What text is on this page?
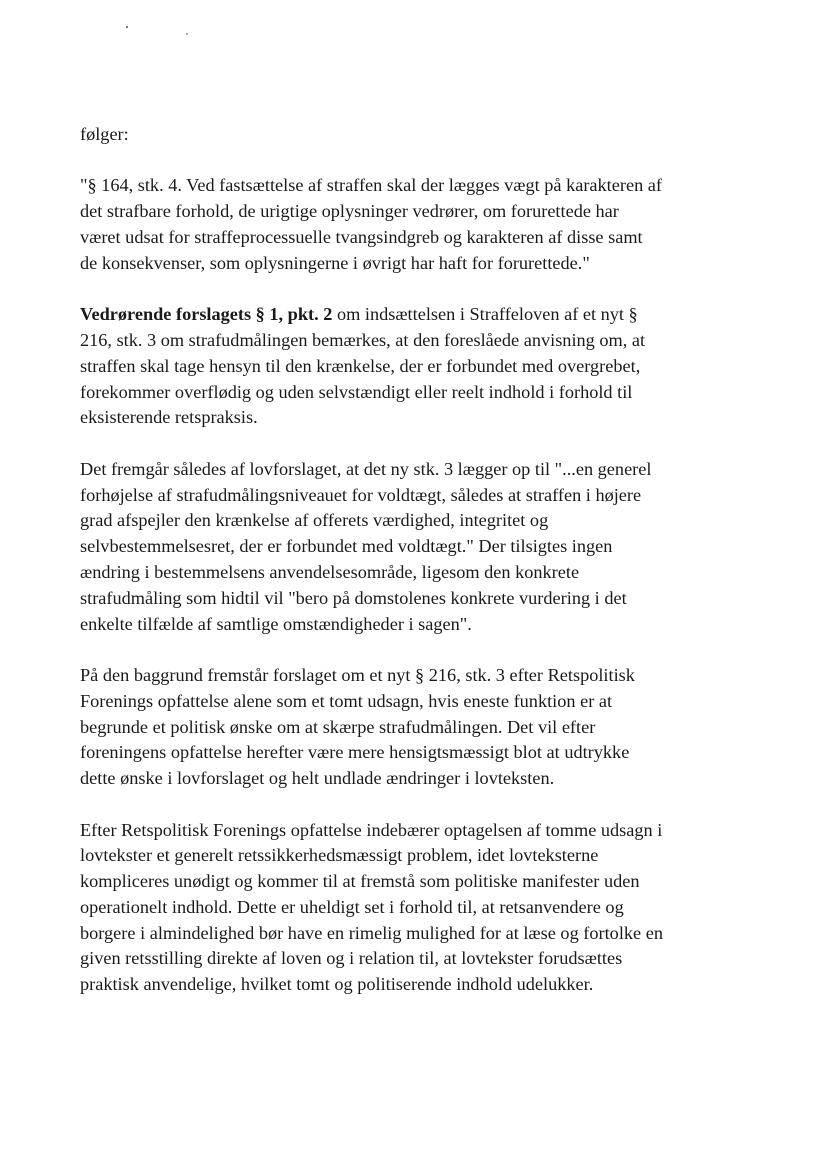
følger:

"§ 164, stk. 4. Ved fastsættelse af straffen skal der lægges vægt på karakteren af
det strafbare forhold, de urigtige oplysninger vedrører, om forurettede har
været udsat for straffeprocessuelle tvangsindgreb og karakteren af disse samt
de konsekvenser, som oplysningerne i øvrigt har haft for forurettede."

Vedrørende forslagets § 1, pkt. 2 om indsættelsen i Straffeloven af et nyt §
216, stk. 3 om strafudmålingen bemærkes, at den foreslåede anvisning om, at
straffen skal tage hensyn til den krænkelse, der er forbundet med overgrebet,
forekommer overflødig og uden selvstændigt eller reelt indhold i forhold til
eksisterende retspraksis.

Det fremgår således af lovforslaget, at det ny stk. 3 lægger op til "...en generel
forhøjelse af strafudmålingsniveauet for voldtægt, således at straffen i højere
grad afspejler den krænkelse af offerets værdighed, integritet og
selvbestemmelsesret, der er forbundet med voldtægt." Der tilsigtes ingen
ændring i bestemmelsens anvendelsesområde, ligesom den konkrete
strafudmåling som hidtil vil "bero på domstolenes konkrete vurdering i det
enkelte tilfælde af samtlige omstændigheder i sagen".

På den baggrund fremstår forslaget om et nyt § 216, stk. 3 efter Retspolitisk
Forenings opfattelse alene som et tomt udsagn, hvis eneste funktion er at
begrunde et politisk ønske om at skærpe strafudmålingen. Det vil efter
foreningens opfattelse herefter være mere hensigtsmæssigt blot at udtrykke
dette ønske i lovforslaget og helt undlade ændringer i lovteksten.

Efter Retspolitisk Forenings opfattelse indebærer optagelsen af tomme udsagn i
lovtekster et generelt retssikkerhedsmæssigt problem, idet lovteksterne
kompliceres unødigt og kommer til at fremstå som politiske manifester uden
operationelt indhold. Dette er uheldigt set i forhold til, at retsanvendere og
borgere i almindelighed bør have en rimelig mulighed for at læse og fortolke en
given retsstilling direkte af loven og i relation til, at lovtekster forudsættes
praktisk anvendelige, hvilket tomt og politiserende indhold udelukker.
